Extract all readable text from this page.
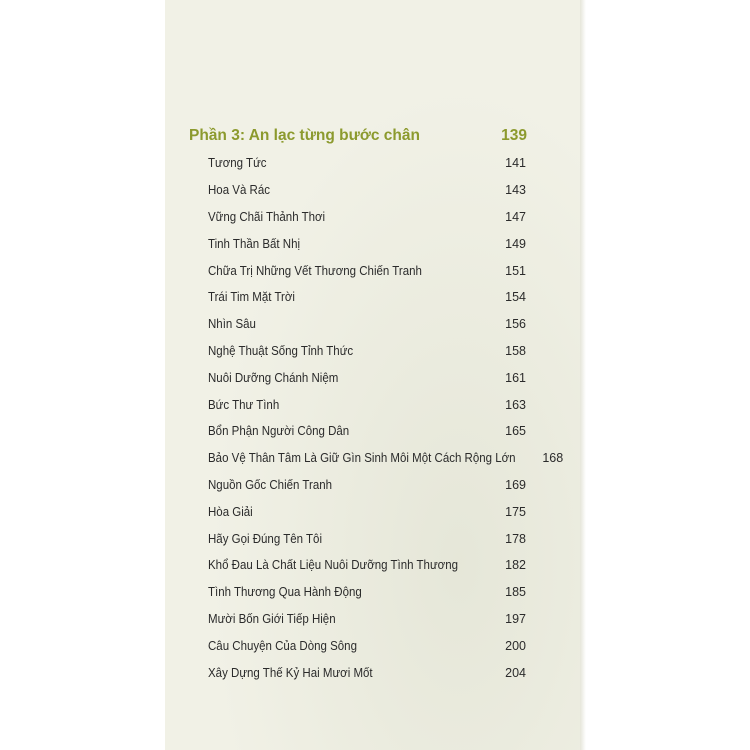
Phần 3: An lạc từng bước chân	139
Tương Tức	141
Hoa Và Rác	143
Vững Chãi Thảnh Thơi	147
Tinh Thần Bất Nhị	149
Chữa Trị Những Vết Thương Chiến Tranh	151
Trái Tim Mặt Trời	154
Nhìn Sâu	156
Nghệ Thuật Sống Tỉnh Thức	158
Nuôi Dưỡng Chánh Niệm	161
Bức Thư Tình	163
Bổn Phận Người Công Dân	165
Bảo Vệ Thân Tâm Là Giữ Gìn Sinh Môi Một Cách Rộng Lớn 168
Nguồn Gốc Chiến Tranh	169
Hòa Giải	175
Hãy Gọi Đúng Tên Tôi	178
Khổ Đau Là Chất Liệu Nuôi Dưỡng Tình Thương	182
Tình Thương Qua Hành Động	185
Mười Bốn Giới Tiếp Hiện	197
Câu Chuyện Của Dòng Sông	200
Xây Dựng Thế Kỷ Hai Mươi Mốt	204
